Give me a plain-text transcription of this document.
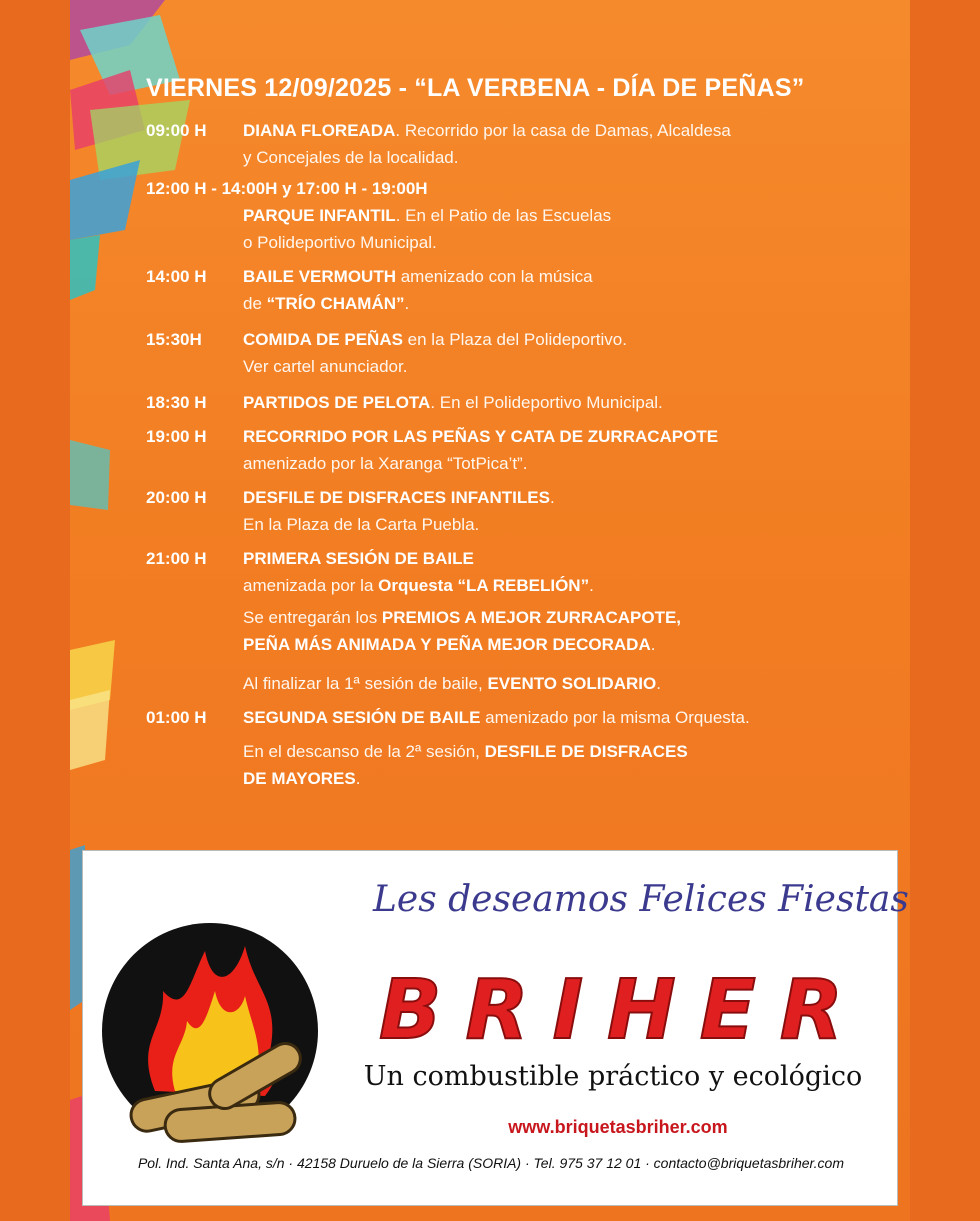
VIERNES 12/09/2025 - “LA VERBENA - DÍA DE PEÑAS”
09:00 H DIANA FLOREADA. Recorrido por la casa de Damas, Alcaldesa
y Concejales de la localidad.
12:00 H - 14:00H y 17:00 H - 19:00H
PARQUE INFANTIL. En el Patio de las Escuelas
o Polideportivo Municipal.
14:00 H BAILE VERMOUTH amenizado con la música
de “TRÍO CHAMÁN”.
15:30H COMIDA DE PEÑAS en la Plaza del Polideportivo.
Ver cartel anunciador.
18:30 H PARTIDOS DE PELOTA. En el Polideportivo Municipal.
19:00 H RECORRIDO POR LAS PEÑAS Y CATA DE ZURRACAPOTE
amenizado por la Xaranga “TotPica’t”.
20:00 H DESFILE DE DISFRACES INFANTILES.
En la Plaza de la Carta Puebla.
21:00 H PRIMERA SESIÓN DE BAILE
amenizada por la Orquesta “LA REBELIÓN”.
Se entregarán los PREMIOS A MEJOR ZURRACAPOTE,
PEÑA MÁS ANIMADA Y PEÑA MEJOR DECORADA.
Al finalizar la 1ª sesión de baile, EVENTO SOLIDARIO.
01:00 H SEGUNDA SESIÓN DE BAILE amenizado por la misma Orquesta.
En el descanso de la 2ª sesión, DESFILE DE DISFRACES
DE MAYORES.
Les deseamos Felices Fiestas
BRIHER
Un combustible práctico y ecológico
www.briquetasbriher.com
Pol. Ind. Santa Ana, s/n · 42158 Duruelo de la Sierra (SORIA) · Tel. 975 37 12 01 · contacto@briquetasbriher.com
